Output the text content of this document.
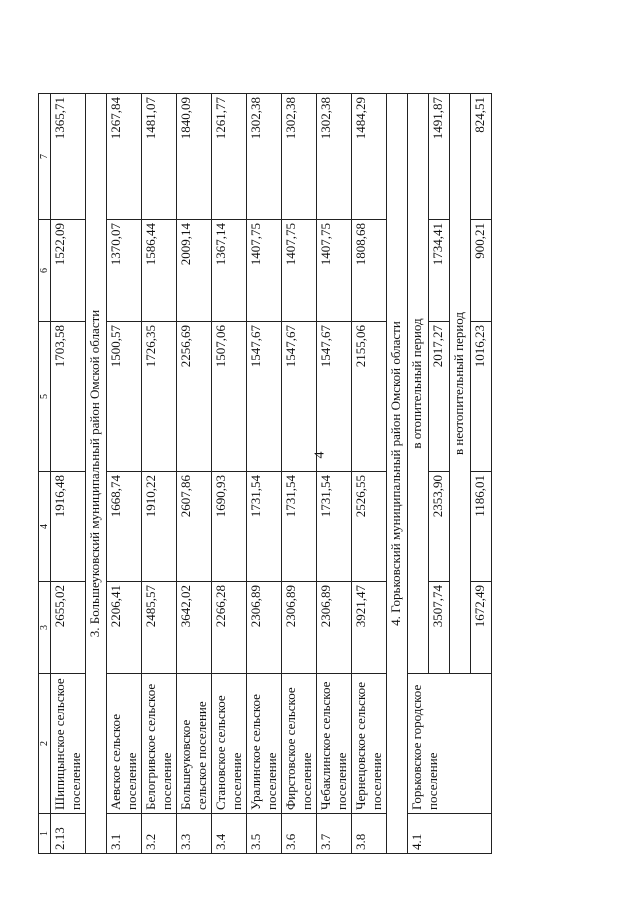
4
1	2	3	4	5	6	7
2.13	Шипицынское сельское поселение	2655,02	1916,48	1703,58	1522,09	1365,71
3. Большеуковский муниципальный район Омской области						
3.1	Аевское сельское поселение	2206,41	1668,74	1500,57	1370,07	1267,84
3.2	Белогривское сельское поселение	2485,57	1910,22	1726,35	1586,44	1481,07
3.3	Большеуковское сельское поселение	3642,02	2607,86	2256,69	2009,14	1840,09
3.4	Становское сельское поселение	2266,28	1690,93	1507,06	1367,14	1261,77
3.5	Уралинское сельское поселение	2306,89	1731,54	1547,67	1407,75	1302,38
3.6	Фирстовское сельское поселение	2306,89	1731,54	1547,67	1407,75	1302,38
3.7	Чебаклинское сельское поселение	2306,89	1731,54	1547,67	1407,75	1302,38
3.8	Чернецовское сельское поселение	3921,47	2526,55	2155,06	1808,68	1484,29
4. Горьковский муниципальный район Омской области						
4.1	Горьковское городское поселение	в отопительный период				
		3507,74	2353,90	2017,27	1734,41	1491,87
		в неотопительный период				
		1672,49	1186,01	1016,23	900,21	824,51
